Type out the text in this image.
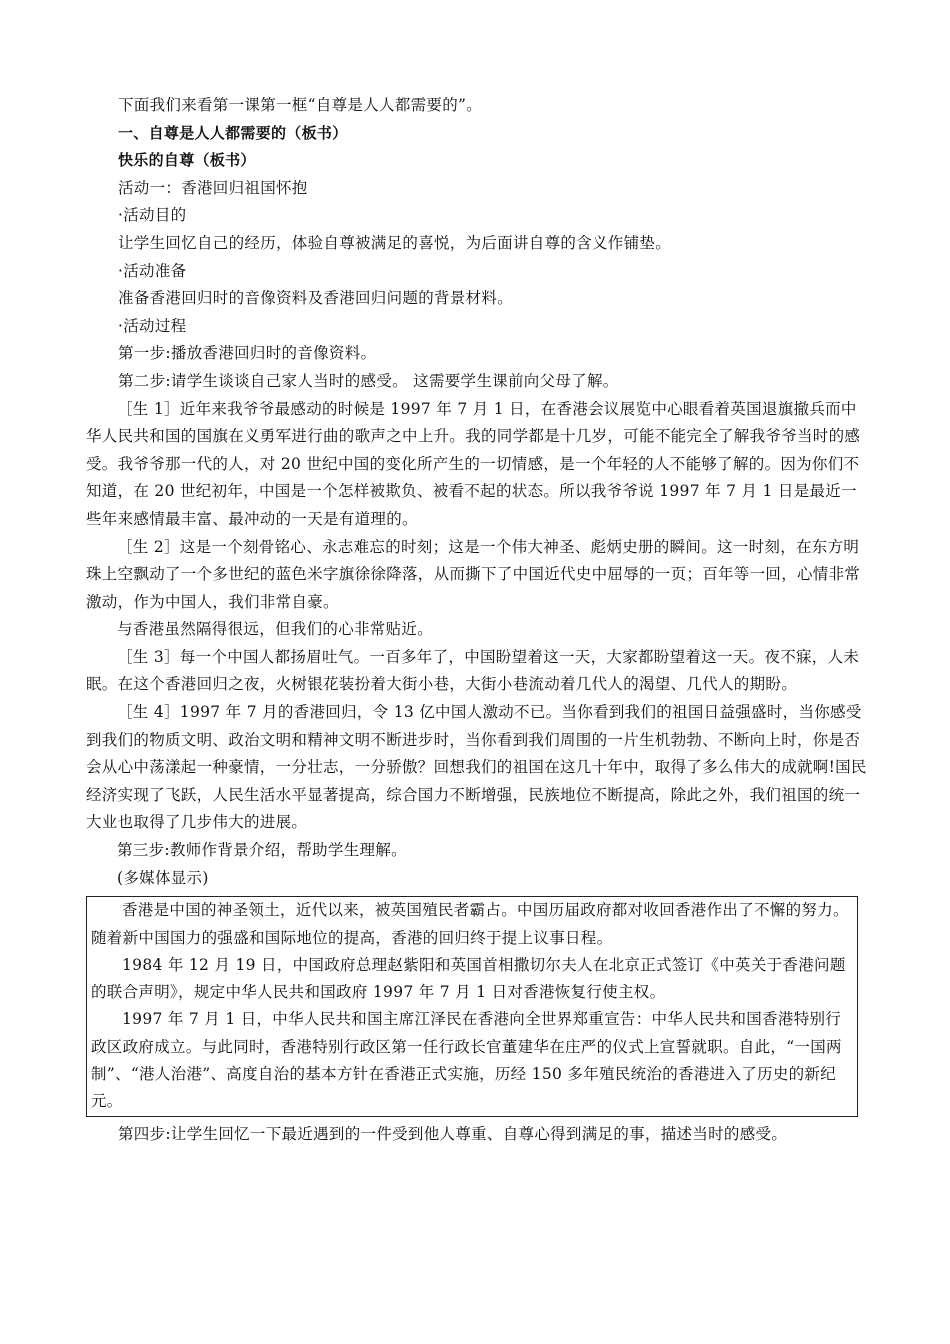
下面我们来看第一课第一框“自尊是人人都需要的”。

一、自尊是人人都需要的（板书）

快乐的自尊（板书）

活动一：香港回归祖国怀抱

·活动目的

让学生回忆自己的经历，体验自尊被满足的喜悦，为后面讲自尊的含义作铺垫。

·活动准备

准备香港回归时的音像资料及香港回归问题的背景材料。

·活动过程

第一步:播放香港回归时的音像资料。

第二步:请学生谈谈自己家人当时的感受。 这需要学生课前向父母了解。

［生 1］近年来我爷爷最感动的时候是 1997 年 7 月 1 日，在香港会议展览中心眼看着英国退旗撤兵而中华人民共和国的国旗在义勇军进行曲的歌声之中上升。我的同学都是十几岁，可能不能完全了解我爷爷当时的感受。我爷爷那一代的人，对 20 世纪中国的变化所产生的一切情感，是一个年轻的人不能够了解的。因为你们不知道，在 20 世纪初年，中国是一个怎样被欺负、被看不起的状态。所以我爷爷说 1997 年 7 月 1 日是最近一些年来感情最丰富、最冲动的一天是有道理的。

［生 2］这是一个刻骨铭心、永志难忘的时刻；这是一个伟大神圣、彪炳史册的瞬间。这一时刻，在东方明珠上空飘动了一个多世纪的蓝色米字旗徐徐降落，从而撕下了中国近代史中屈辱的一页；百年等一回，心情非常激动，作为中国人，我们非常自豪。

与香港虽然隔得很远，但我们的心非常贴近。

［生 3］每一个中国人都扬眉吐气。一百多年了，中国盼望着这一天，大家都盼望着这一天。夜不寐，人未眠。在这个香港回归之夜，火树银花装扮着大街小巷，大街小巷流动着几代人的渴望、几代人的期盼。

［生 4］1997 年 7 月的香港回归，令 13 亿中国人激动不已。当你看到我们的祖国日益强盛时，当你感受到我们的物质文明、政治文明和精神文明不断进步时，当你看到我们周围的一片生机勃勃、不断向上时，你是否会从心中荡漾起一种豪情，一分壮志，一分骄傲？回想我们的祖国在这几十年中，取得了多么伟大的成就啊!国民经济实现了飞跃，人民生活水平显著提高，综合国力不断增强，民族地位不断提高，除此之外，我们祖国的统一大业也取得了几步伟大的进展。

第三步:教师作背景介绍，帮助学生理解。

(多媒体显示)

香港是中国的神圣领土，近代以来，被英国殖民者霸占。中国历届政府都对收回香港作出了不懈的努力。随着新中国国力的强盛和国际地位的提高，香港的回归终于提上议事日程。

1984 年 12 月 19 日，中国政府总理赵紫阳和英国首相撒切尔夫人在北京正式签订《中英关于香港问题的联合声明》，规定中华人民共和国政府 1997 年 7 月 1 日对香港恢复行使主权。

1997 年 7 月 1 日，中华人民共和国主席江泽民在香港向全世界郑重宣告：中华人民共和国香港特别行政区政府成立。与此同时，香港特别行政区第一任行政长官董建华在庄严的仪式上宣誓就职。自此，“一国两制”、“港人治港”、高度自治的基本方针在香港正式实施，历经 150 多年殖民统治的香港进入了历史的新纪元。

第四步:让学生回忆一下最近遇到的一件受到他人尊重、自尊心得到满足的事，描述当时的感受。
